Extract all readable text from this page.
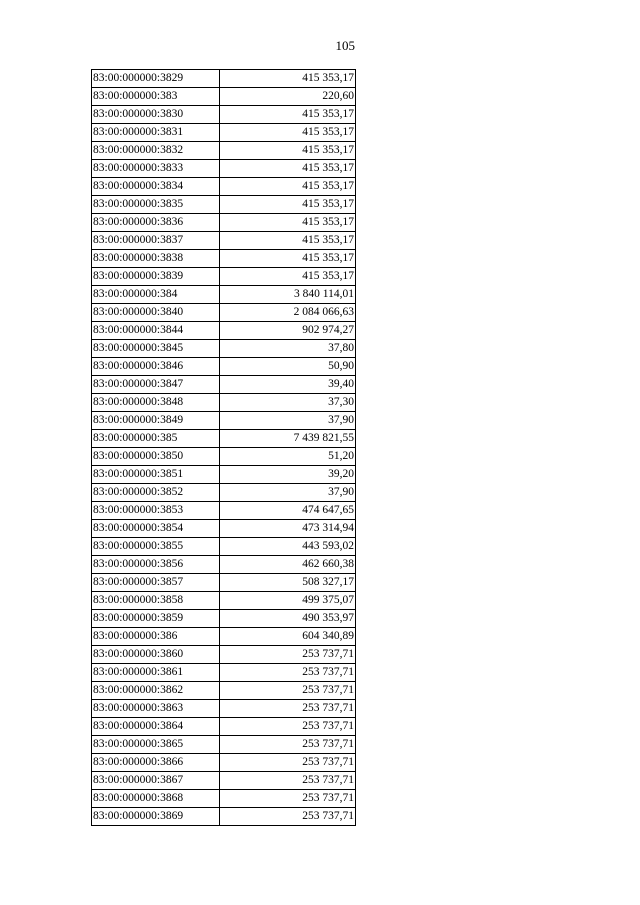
105
83:00:000000:3829	415 353,17
83:00:000000:383	220,60
83:00:000000:3830	415 353,17
83:00:000000:3831	415 353,17
83:00:000000:3832	415 353,17
83:00:000000:3833	415 353,17
83:00:000000:3834	415 353,17
83:00:000000:3835	415 353,17
83:00:000000:3836	415 353,17
83:00:000000:3837	415 353,17
83:00:000000:3838	415 353,17
83:00:000000:3839	415 353,17
83:00:000000:384	3 840 114,01
83:00:000000:3840	2 084 066,63
83:00:000000:3844	902 974,27
83:00:000000:3845	37,80
83:00:000000:3846	50,90
83:00:000000:3847	39,40
83:00:000000:3848	37,30
83:00:000000:3849	37,90
83:00:000000:385	7 439 821,55
83:00:000000:3850	51,20
83:00:000000:3851	39,20
83:00:000000:3852	37,90
83:00:000000:3853	474 647,65
83:00:000000:3854	473 314,94
83:00:000000:3855	443 593,02
83:00:000000:3856	462 660,38
83:00:000000:3857	508 327,17
83:00:000000:3858	499 375,07
83:00:000000:3859	490 353,97
83:00:000000:386	604 340,89
83:00:000000:3860	253 737,71
83:00:000000:3861	253 737,71
83:00:000000:3862	253 737,71
83:00:000000:3863	253 737,71
83:00:000000:3864	253 737,71
83:00:000000:3865	253 737,71
83:00:000000:3866	253 737,71
83:00:000000:3867	253 737,71
83:00:000000:3868	253 737,71
83:00:000000:3869	253 737,71
